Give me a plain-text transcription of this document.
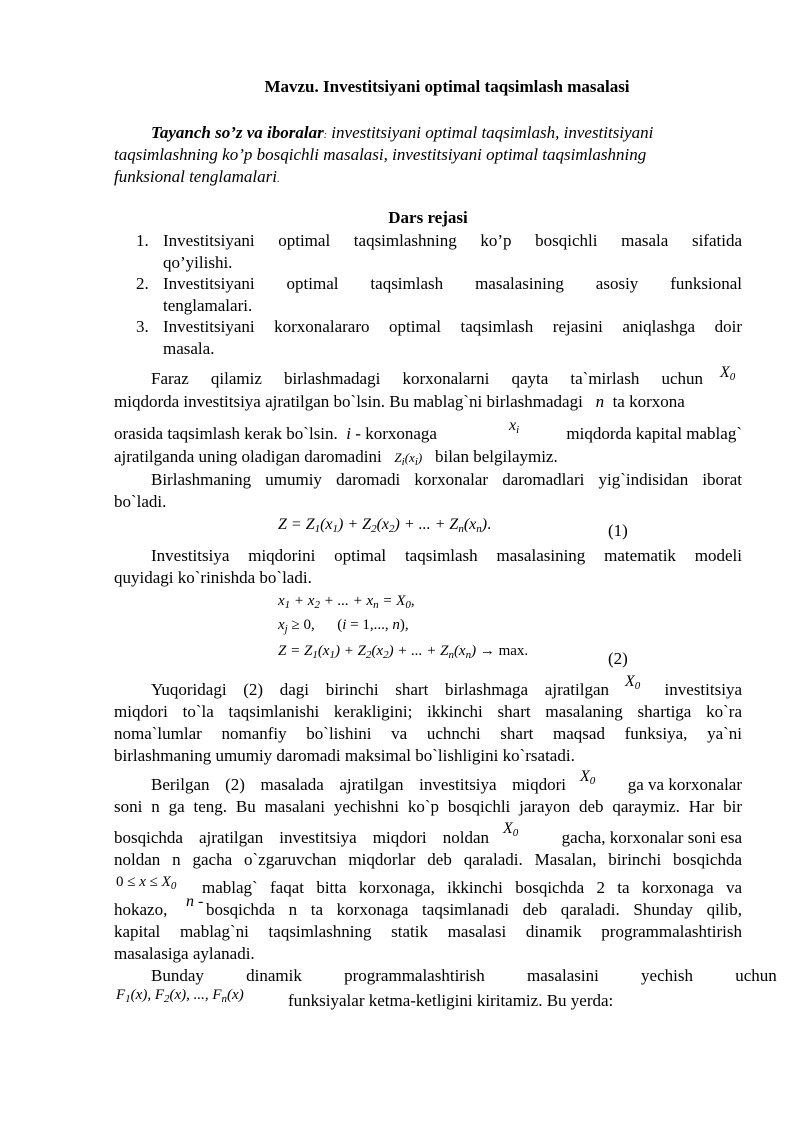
Mavzu. Investitsiyani optimal taqsimlash masalasi
Tayanch so’z va iboralar: investitsiyani optimal taqsimlash, investitsiyani
taqsimlashning ko’p bosqichli masalasi, investitsiyani optimal taqsimlashning
funksional tenglamalari.
Dars rejasi
1. Investitsiyani optimal taqsimlashning ko’p bosqichli masala sifatida
qo’yilishi.
2. Investitsiyani optimal taqsimlash masalasining asosiy funksional
tenglamalari.
3. Investitsiyani korxonalararo optimal taqsimlash rejasini aniqlashga doir
masala.
Faraz qilamiz birlashmadagi korxonalarni qayta ta`mirlash uchun $X_0$
miqdorda investitsiya ajratilgan bo`lsin. Bu mablag`ni birlashmadagi n ta korxona
orasida taqsimlash kerak bo`lsin. i - korxonaga	$x_i$	miqdorda kapital mablag`
ajratilganda uning oladigan daromadini $Z_i(x_i)$ bilan belgilaymiz.
Birlashmaning umumiy daromadi korxonalar daromadlari yig`indisidan iborat
bo`ladi.
$Z = Z_1(x_1) + Z_2(x_2)$ + ... + $Z_n(x_n)$.	(1)
Investitsiya miqdorini optimal taqsimlash masalasining matematik modeli
quyidagi ko`rinishda bo`ladi.
$x_1 + x_2$ + ... + $x_n = X_0$,
$x_j \ge 0$, (i = 1,..., n),
$Z = Z_1(x_1) + Z_2(x_2)$ + ... + $Z_n(x_n) \to \max$.	(2)
Yuqoridagi (2) dagi birinchi shart birlashmaga ajratilgan $X_0$	investitsiya
miqdori to`la taqsimlanishi kerakligini; ikkinchi shart masalaning shartiga ko`ra
noma`lumlar nomanfiy bo`lishini va uchnchi shart maqsad funksiya, ya`ni
birlashmaning umumiy daromadi maksimal bo`lishligini ko`rsatadi.
Berilgan (2) masalada ajratilgan investitsiya miqdori $X_0$	ga va korxonalar
soni n ga teng. Bu masalani yechishni ko`p bosqichli jarayon deb qaraymiz. Har bir
bosqichda ajratilgan investitsiya miqdori noldan $X_0$	gacha, korxonalar soni esa
noldan n gacha o`zgaruvchan miqdorlar deb qaraladi. Masalan, birinchi bosqichda
$0 \le x \le X_0$ mablag` faqat bitta korxonaga, ikkinchi bosqichda 2 ta korxonaga va
hokazo,	n - bosqichda n ta korxonaga taqsimlanadi deb qaraladi. Shunday qilib,
kapital mablag`ni taqsimlashning statik masalasi dinamik programmalashtirish
masalasiga aylanadi.
Bunday dinamik programmalashtirish masalasini yechish uchun
$F_1(x)$, $F_2(x)$, ..., $F_n(x)$	funksiyalar ketma-ketligini kiritamiz. Bu yerda:
